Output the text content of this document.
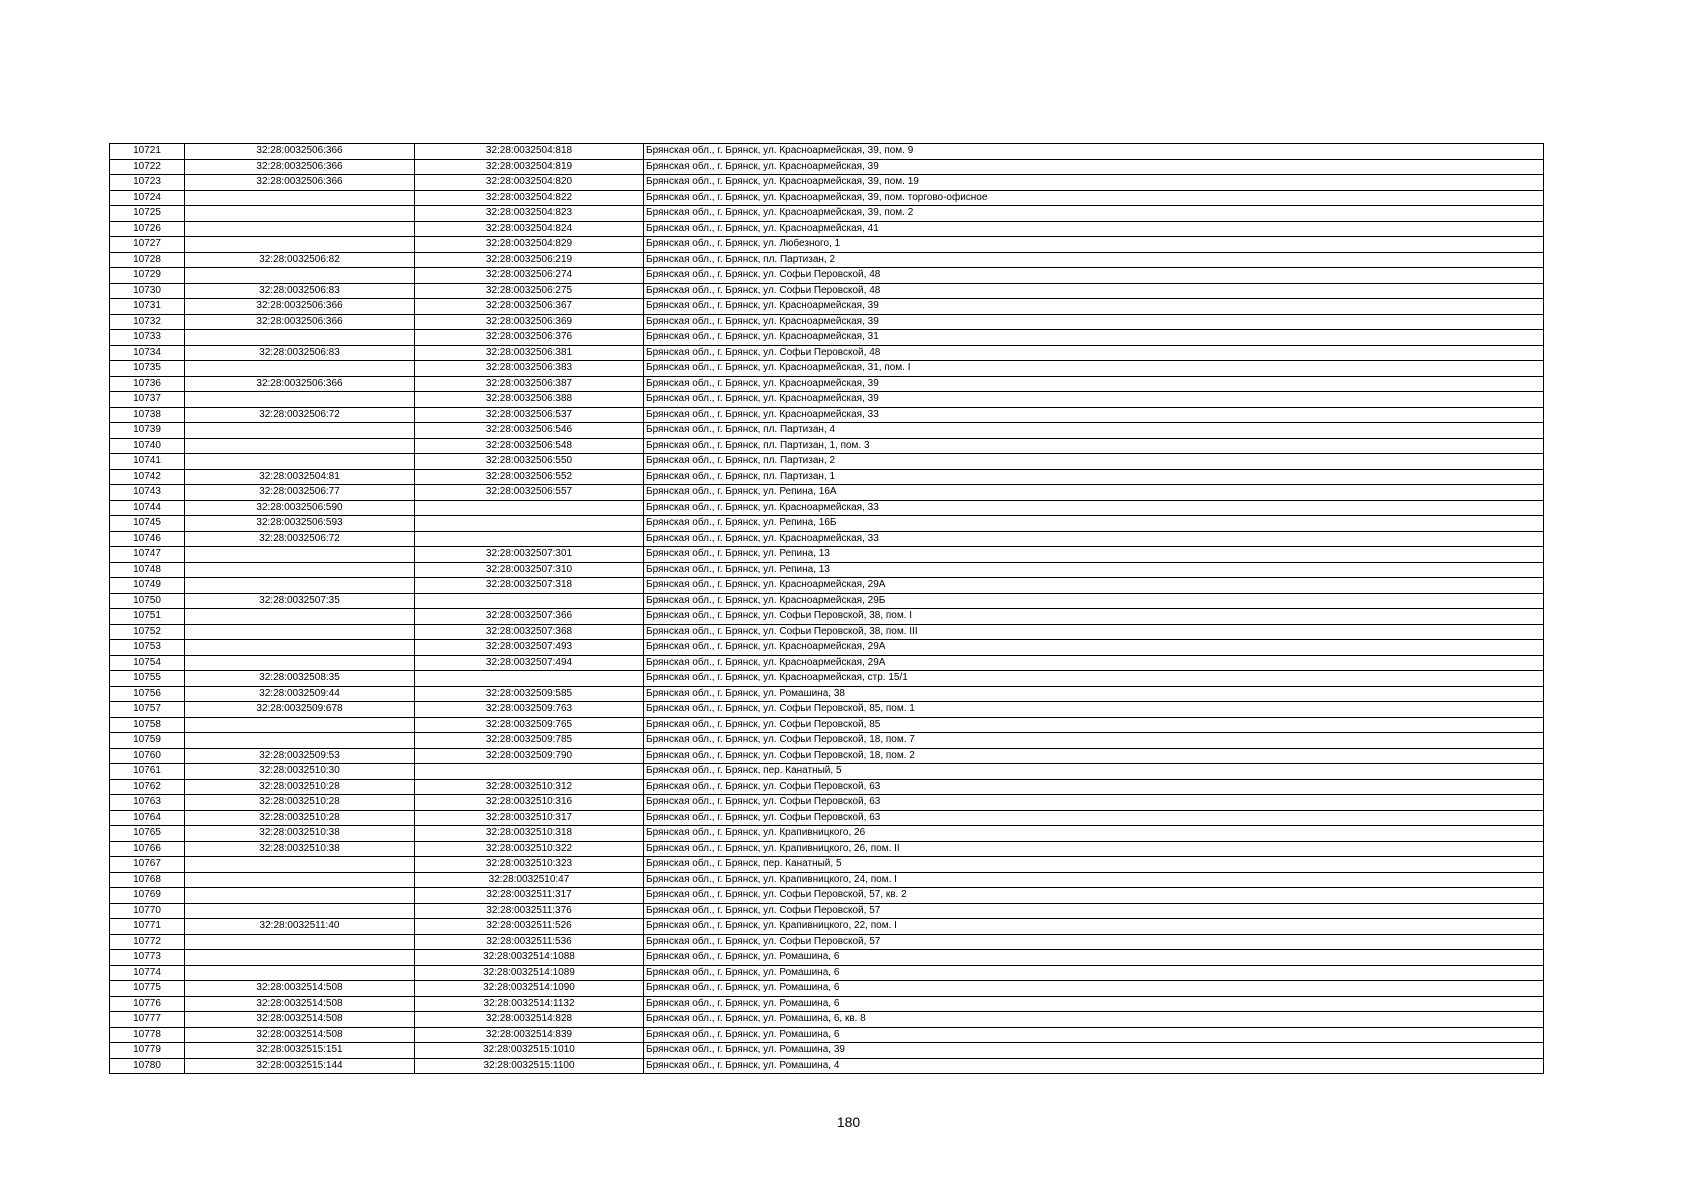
10721	32:28:0032506:366	32:28:0032504:818	Брянская обл., г. Брянск, ул. Красноармейская, 39, пом. 9
10722	32:28:0032506:366	32:28:0032504:819	Брянская обл., г. Брянск, ул. Красноармейская, 39
10723	32:28:0032506:366	32:28:0032504:820	Брянская обл., г. Брянск, ул. Красноармейская, 39, пом. 19
10724		32:28:0032504:822	Брянская обл., г. Брянск, ул. Красноармейская, 39, пом. торгово-офисное
10725		32:28:0032504:823	Брянская обл., г. Брянск, ул. Красноармейская, 39, пом. 2
10726		32:28:0032504:824	Брянская обл., г. Брянск, ул. Красноармейская, 41
10727		32:28:0032504:829	Брянская обл., г. Брянск, ул. Любезного, 1
10728	32:28:0032506:82	32:28:0032506:219	Брянская обл., г. Брянск, пл. Партизан, 2
10729		32:28:0032506:274	Брянская обл., г. Брянск, ул. Софьи Перовской, 48
10730	32:28:0032506:83	32:28:0032506:275	Брянская обл., г. Брянск, ул. Софьи Перовской, 48
10731	32:28:0032506:366	32:28:0032506:367	Брянская обл., г. Брянск, ул. Красноармейская, 39
10732	32:28:0032506:366	32:28:0032506:369	Брянская обл., г. Брянск, ул. Красноармейская, 39
10733		32:28:0032506:376	Брянская обл., г. Брянск, ул. Красноармейская, 31
10734	32:28:0032506:83	32:28:0032506:381	Брянская обл., г. Брянск, ул. Софьи Перовской, 48
10735		32:28:0032506:383	Брянская обл., г. Брянск, ул. Красноармейская, 31, пом. I
10736	32:28:0032506:366	32:28:0032506:387	Брянская обл., г. Брянск, ул. Красноармейская, 39
10737		32:28:0032506:388	Брянская обл., г. Брянск, ул. Красноармейская, 39
10738	32:28:0032506:72	32:28:0032506:537	Брянская обл., г. Брянск, ул. Красноармейская, 33
10739		32:28:0032506:546	Брянская обл., г. Брянск, пл. Партизан, 4
10740		32:28:0032506:548	Брянская обл., г. Брянск, пл. Партизан, 1, пом. 3
10741		32:28:0032506:550	Брянская обл., г. Брянск, пл. Партизан, 2
10742	32:28:0032504:81	32:28:0032506:552	Брянская обл., г. Брянск, пл. Партизан, 1
10743	32:28:0032506:77	32:28:0032506:557	Брянская обл., г. Брянск, ул. Репина, 16А
10744	32:28:0032506:590		Брянская обл., г. Брянск, ул. Красноармейская, 33
10745	32:28:0032506:593		Брянская обл., г. Брянск, ул. Репина, 16Б
10746	32:28:0032506:72		Брянская обл., г. Брянск, ул. Красноармейская, 33
10747		32:28:0032507:301	Брянская обл., г. Брянск, ул. Репина, 13
10748		32:28:0032507:310	Брянская обл., г. Брянск, ул. Репина, 13
10749		32:28:0032507:318	Брянская обл., г. Брянск, ул. Красноармейская, 29А
10750	32:28:0032507:35		Брянская обл., г. Брянск, ул. Красноармейская, 29Б
10751		32:28:0032507:366	Брянская обл., г. Брянск, ул. Софьи Перовской, 38, пом. I
10752		32:28:0032507:368	Брянская обл., г. Брянск, ул. Софьи Перовской, 38, пом. III
10753		32:28:0032507:493	Брянская обл., г. Брянск, ул. Красноармейская, 29А
10754		32:28:0032507:494	Брянская обл., г. Брянск, ул. Красноармейская, 29А
10755	32:28:0032508:35		Брянская обл., г. Брянск, ул. Красноармейская, стр. 15/1
10756	32:28:0032509:44	32:28:0032509:585	Брянская обл., г. Брянск, ул. Ромашина, 38
10757	32:28:0032509:678	32:28:0032509:763	Брянская обл., г. Брянск, ул. Софьи Перовской, 85, пом. 1
10758		32:28:0032509:765	Брянская обл., г. Брянск, ул. Софьи Перовской, 85
10759		32:28:0032509:785	Брянская обл., г. Брянск, ул. Софьи Перовской, 18, пом. 7
10760	32:28:0032509:53	32:28:0032509:790	Брянская обл., г. Брянск, ул. Софьи Перовской, 18, пом. 2
10761	32:28:0032510:30		Брянская обл., г. Брянск, пер. Канатный, 5
10762	32:28:0032510:28	32:28:0032510:312	Брянская обл., г. Брянск, ул. Софьи Перовской, 63
10763	32:28:0032510:28	32:28:0032510:316	Брянская обл., г. Брянск, ул. Софьи Перовской, 63
10764	32:28:0032510:28	32:28:0032510:317	Брянская обл., г. Брянск, ул. Софьи Перовской, 63
10765	32:28:0032510:38	32:28:0032510:318	Брянская обл., г. Брянск, ул. Крапивницкого, 26
10766	32:28:0032510:38	32:28:0032510:322	Брянская обл., г. Брянск, ул. Крапивницкого, 26, пом. II
10767		32:28:0032510:323	Брянская обл., г. Брянск, пер. Канатный, 5
10768		32:28:0032510:47	Брянская обл., г. Брянск, ул. Крапивницкого, 24, пом. I
10769		32:28:0032511:317	Брянская обл., г. Брянск, ул. Софьи Перовской, 57, кв. 2
10770		32:28:0032511:376	Брянская обл., г. Брянск, ул. Софьи Перовской, 57
10771	32:28:0032511:40	32:28:0032511:526	Брянская обл., г. Брянск, ул. Крапивницкого, 22, пом. I
10772		32:28:0032511:536	Брянская обл., г. Брянск, ул. Софьи Перовской, 57
10773		32:28:0032514:1088	Брянская обл., г. Брянск, ул. Ромашина, 6
10774		32:28:0032514:1089	Брянская обл., г. Брянск, ул. Ромашина, 6
10775	32:28:0032514:508	32:28:0032514:1090	Брянская обл., г. Брянск, ул. Ромашина, 6
10776	32:28:0032514:508	32:28:0032514:1132	Брянская обл., г. Брянск, ул. Ромашина, 6
10777	32:28:0032514:508	32:28:0032514:828	Брянская обл., г. Брянск, ул. Ромашина, 6, кв. 8
10778	32:28:0032514:508	32:28:0032514:839	Брянская обл., г. Брянск, ул. Ромашина, 6
10779	32:28:0032515:151	32:28:0032515:1010	Брянская обл., г. Брянск, ул. Ромашина, 39
10780	32:28:0032515:144	32:28:0032515:1100	Брянская обл., г. Брянск, ул. Ромашина, 4
180
